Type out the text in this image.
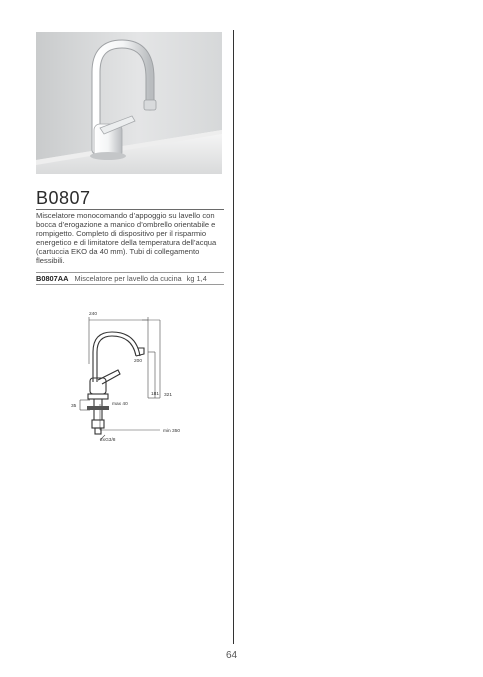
B0807

Miscelatore monocomando d’appoggio su lavello con bocca d’erogazione a manico d’ombrello orientabile e rompigetto. Completo di dispositivo per il risparmio energetico e di limitatore della temperatura dell’acqua (cartuccia EKO da 40 mm). Tubi di collegamento flessibili.

B0807AA Miscelatore per lavello da cucina kg 1,4
240
200
181 321
35	max 40
min 350
2xG3/8
64
